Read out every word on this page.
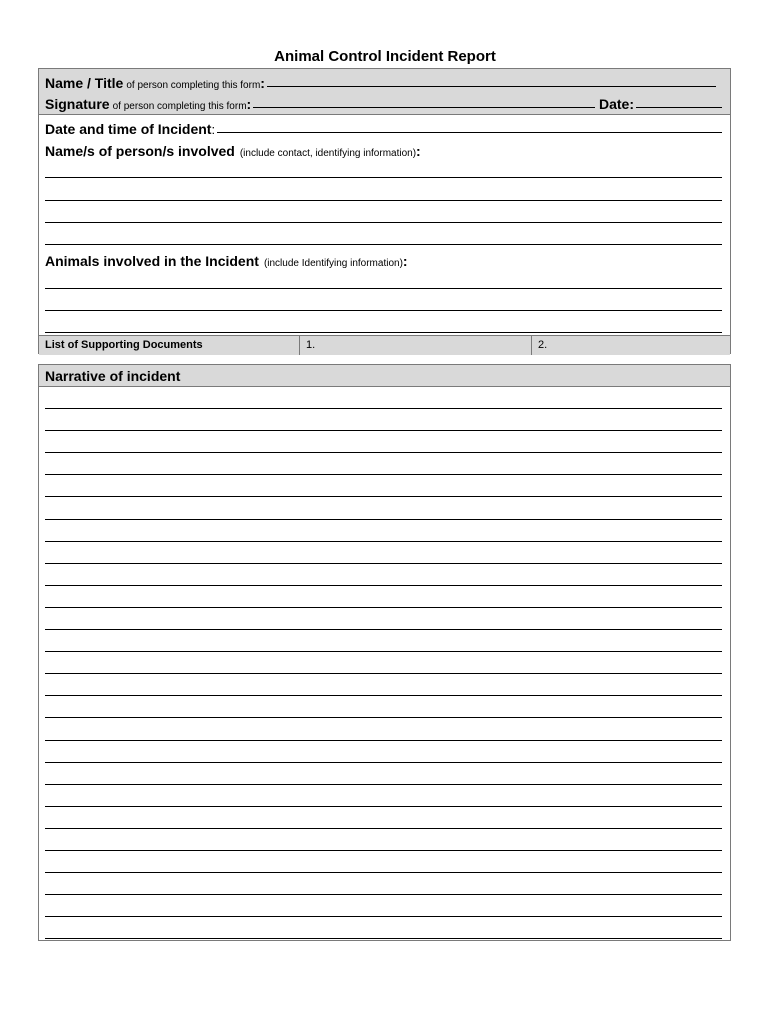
Animal Control Incident Report
Name / Title of person completing this form :
Signature of person completing this form :	Date:
Date and time of Incident :
Name/s of person/s involved (include contact, identifying information) :
Animals involved in the Incident (include Identifying information) :
List of Supporting Documents	1.	2.
Narrative of incident
